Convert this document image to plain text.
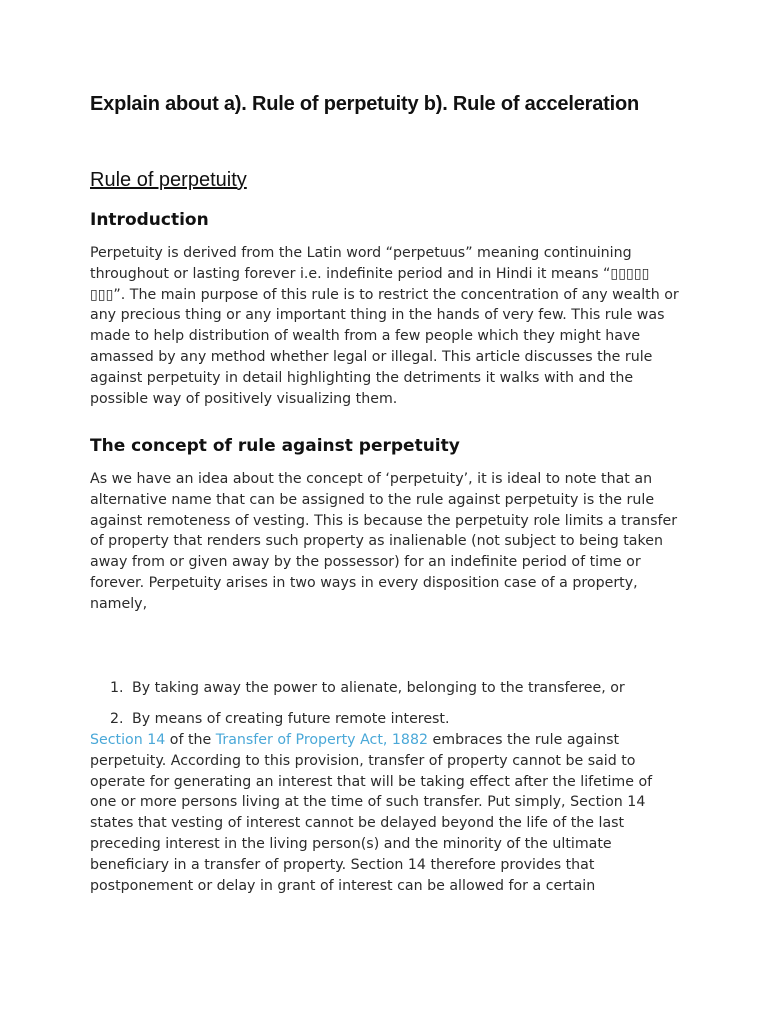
Explain about a). Rule of perpetuity b). Rule of acceleration
Rule of perpetuity
Introduction

Perpetuity is derived from the Latin word “perpetuus” meaning continuining throughout or lasting forever i.e. indefinite period and in Hindi it means “▯▯▯▯▯ ▯▯▯”. The main purpose of this rule is to restrict the concentration of any wealth or any precious thing or any important thing in the hands of very few. This rule was made to help distribution of wealth from a few people which they might have amassed by any method whether legal or illegal. This article discusses the rule against perpetuity in detail highlighting the detriments it walks with and the possible way of positively visualizing them.

The concept of rule against perpetuity

As we have an idea about the concept of ‘perpetuity’, it is ideal to note that an alternative name that can be assigned to the rule against perpetuity is the rule against remoteness of vesting. This is because the perpetuity role limits a transfer of property that renders such property as inalienable (not subject to being taken away from or given away by the possessor) for an indefinite period of time or forever. Perpetuity arises in two ways in every disposition case of a property, namely,

1. By taking away the power to alienate, belonging to the transferee, or
2. By means of creating future remote interest.

Section 14 of the Transfer of Property Act, 1882 embraces the rule against perpetuity. According to this provision, transfer of property cannot be said to operate for generating an interest that will be taking effect after the lifetime of one or more persons living at the time of such transfer. Put simply, Section 14 states that vesting of interest cannot be delayed beyond the life of the last preceding interest in the living person(s) and the minority of the ultimate beneficiary in a transfer of property. Section 14 therefore provides that postponement or delay in grant of interest can be allowed for a certain
